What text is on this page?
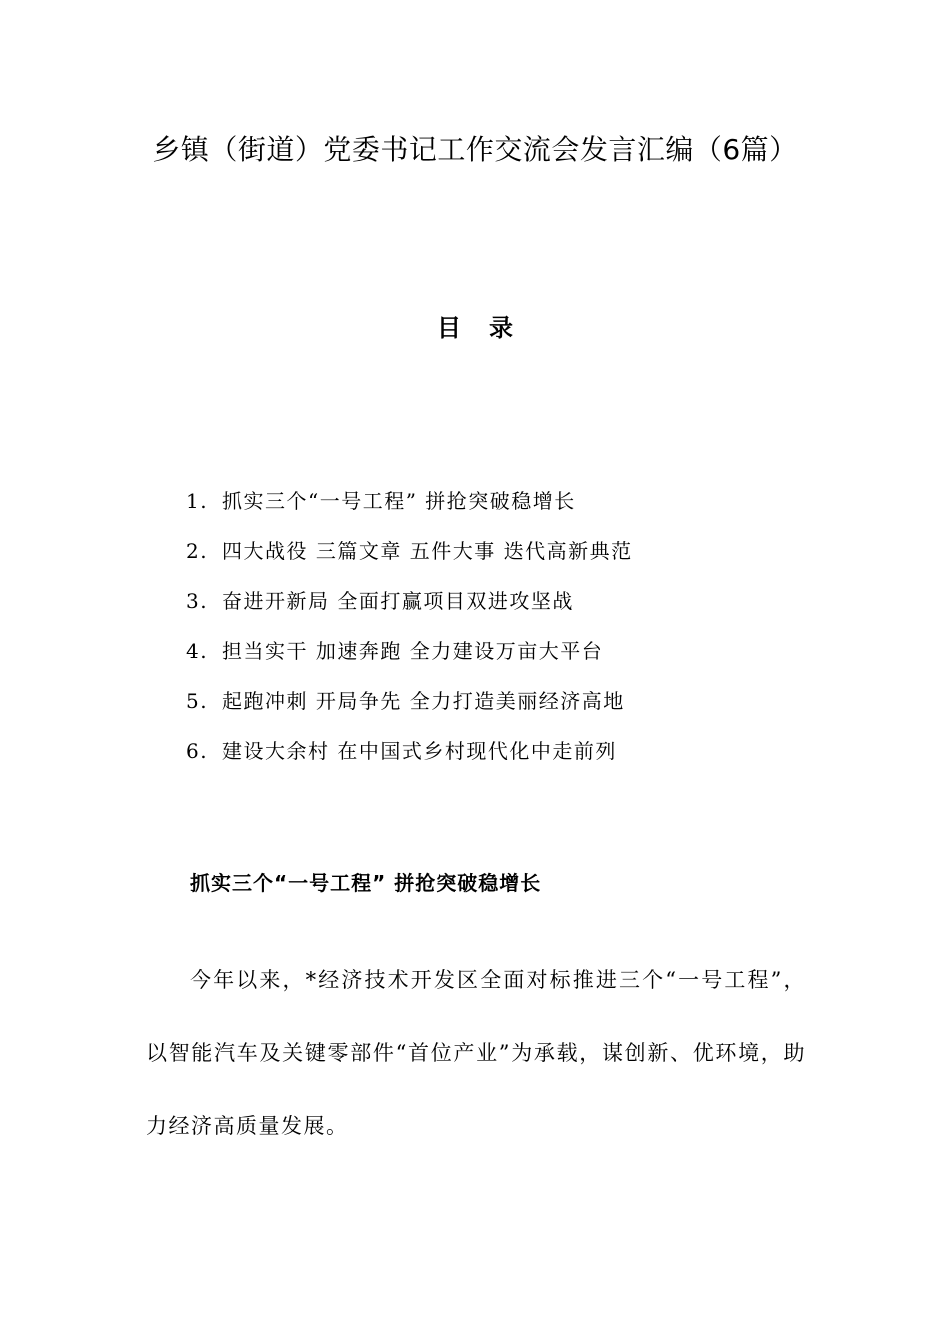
乡镇（街道）党委书记工作交流会发言汇编（6篇）
目录
1. 抓实三个“一号工程” 拼抢突破稳增长
2. 四大战役 三篇文章 五件大事 迭代高新典范
3. 奋进开新局 全面打赢项目双进攻坚战
4. 担当实干 加速奔跑 全力建设万亩大平台
5. 起跑冲刺 开局争先 全力打造美丽经济高地
6. 建设大余村 在中国式乡村现代化中走前列
抓实三个“一号工程” 拼抢突破稳增长

今年以来，*经济技术开发区全面对标推进三个“一号工程”，以智能汽车及关键零部件“首位产业”为承载，谋创新、优环境，助力经济高质量发展。
